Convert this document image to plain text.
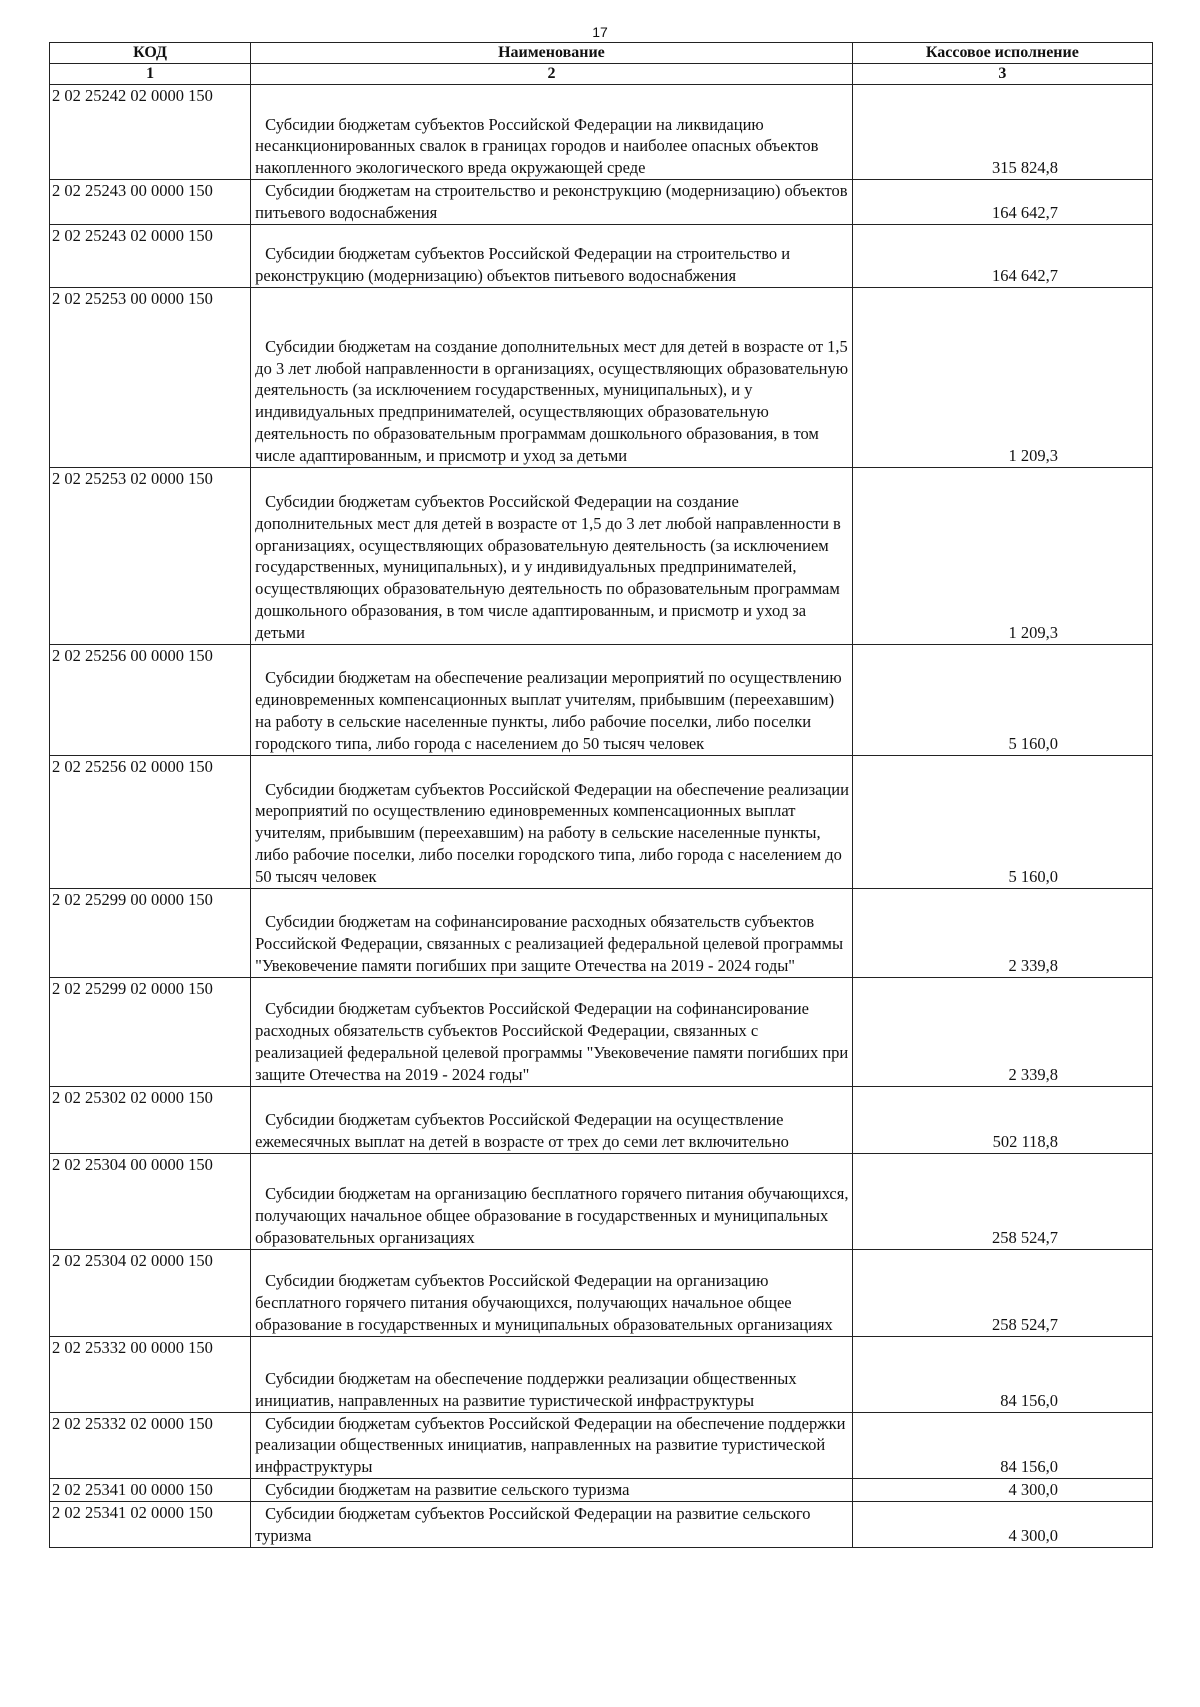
17
КОД	Наименование	Кассовое исполнение
1	2	3
2 02 25242 02 0000 150	Субсидии бюджетам субъектов Российской Федерации на ликвидацию несанкционированных свалок в границах городов и наиболее опасных объектов накопленного экологического вреда окружающей среде	315 824,8
2 02 25243 00 0000 150	Субсидии бюджетам на строительство и реконструкцию (модернизацию) объектов питьевого водоснабжения	164 642,7
2 02 25243 02 0000 150	Субсидии бюджетам субъектов Российской Федерации на строительство и реконструкцию (модернизацию) объектов питьевого водоснабжения	164 642,7
2 02 25253 00 0000 150	Субсидии бюджетам на создание дополнительных мест для детей в возрасте от 1,5 до 3 лет любой направленности в организациях, осуществляющих образовательную деятельность (за исключением государственных, муниципальных), и у индивидуальных предпринимателей, осуществляющих образовательную деятельность по образовательным программам дошкольного образования, в том числе адаптированным, и присмотр и уход за детьми	1 209,3
2 02 25253 02 0000 150	Субсидии бюджетам субъектов Российской Федерации на создание дополнительных мест для детей в возрасте от 1,5 до 3 лет любой направленности в организациях, осуществляющих образовательную деятельность (за исключением государственных, муниципальных), и у индивидуальных предпринимателей, осуществляющих образовательную деятельность по образовательным программам дошкольного образования, в том числе адаптированным, и присмотр и уход за детьми	1 209,3
2 02 25256 00 0000 150	Субсидии бюджетам на обеспечение реализации мероприятий по осуществлению единовременных компенсационных выплат учителям, прибывшим (переехавшим) на работу в сельские населенные пункты, либо рабочие поселки, либо поселки городского типа, либо города с населением до 50 тысяч человек	5 160,0
2 02 25256 02 0000 150	Субсидии бюджетам субъектов Российской Федерации на обеспечение реализации мероприятий по осуществлению единовременных компенсационных выплат учителям, прибывшим (переехавшим) на работу в сельские населенные пункты, либо рабочие поселки, либо поселки городского типа, либо города с населением до 50 тысяч человек	5 160,0
2 02 25299 00 0000 150	Субсидии бюджетам на софинансирование расходных обязательств субъектов Российской Федерации, связанных с реализацией федеральной целевой программы "Увековечение памяти погибших при защите Отечества на 2019 - 2024 годы"	2 339,8
2 02 25299 02 0000 150	Субсидии бюджетам субъектов Российской Федерации на софинансирование расходных обязательств субъектов Российской Федерации, связанных с реализацией федеральной целевой программы "Увековечение памяти погибших при защите Отечества на 2019 - 2024 годы"	2 339,8
2 02 25302 02 0000 150	Субсидии бюджетам субъектов Российской Федерации на осуществление ежемесячных выплат на детей в возрасте от трех до семи лет включительно	502 118,8
2 02 25304 00 0000 150	Субсидии бюджетам на организацию бесплатного горячего питания обучающихся, получающих начальное общее образование в государственных и муниципальных образовательных организациях	258 524,7
2 02 25304 02 0000 150	Субсидии бюджетам субъектов Российской Федерации на организацию бесплатного горячего питания обучающихся, получающих начальное общее образование в государственных и муниципальных образовательных организациях	258 524,7
2 02 25332 00 0000 150	Субсидии бюджетам на обеспечение поддержки реализации общественных инициатив, направленных на развитие туристической инфраструктуры	84 156,0
2 02 25332 02 0000 150	Субсидии бюджетам субъектов Российской Федерации на обеспечение поддержки реализации общественных инициатив, направленных на развитие туристической инфраструктуры	84 156,0
2 02 25341 00 0000 150	Субсидии бюджетам на развитие сельского туризма	4 300,0
2 02 25341 02 0000 150	Субсидии бюджетам субъектов Российской Федерации на развитие сельского туризма	4 300,0
